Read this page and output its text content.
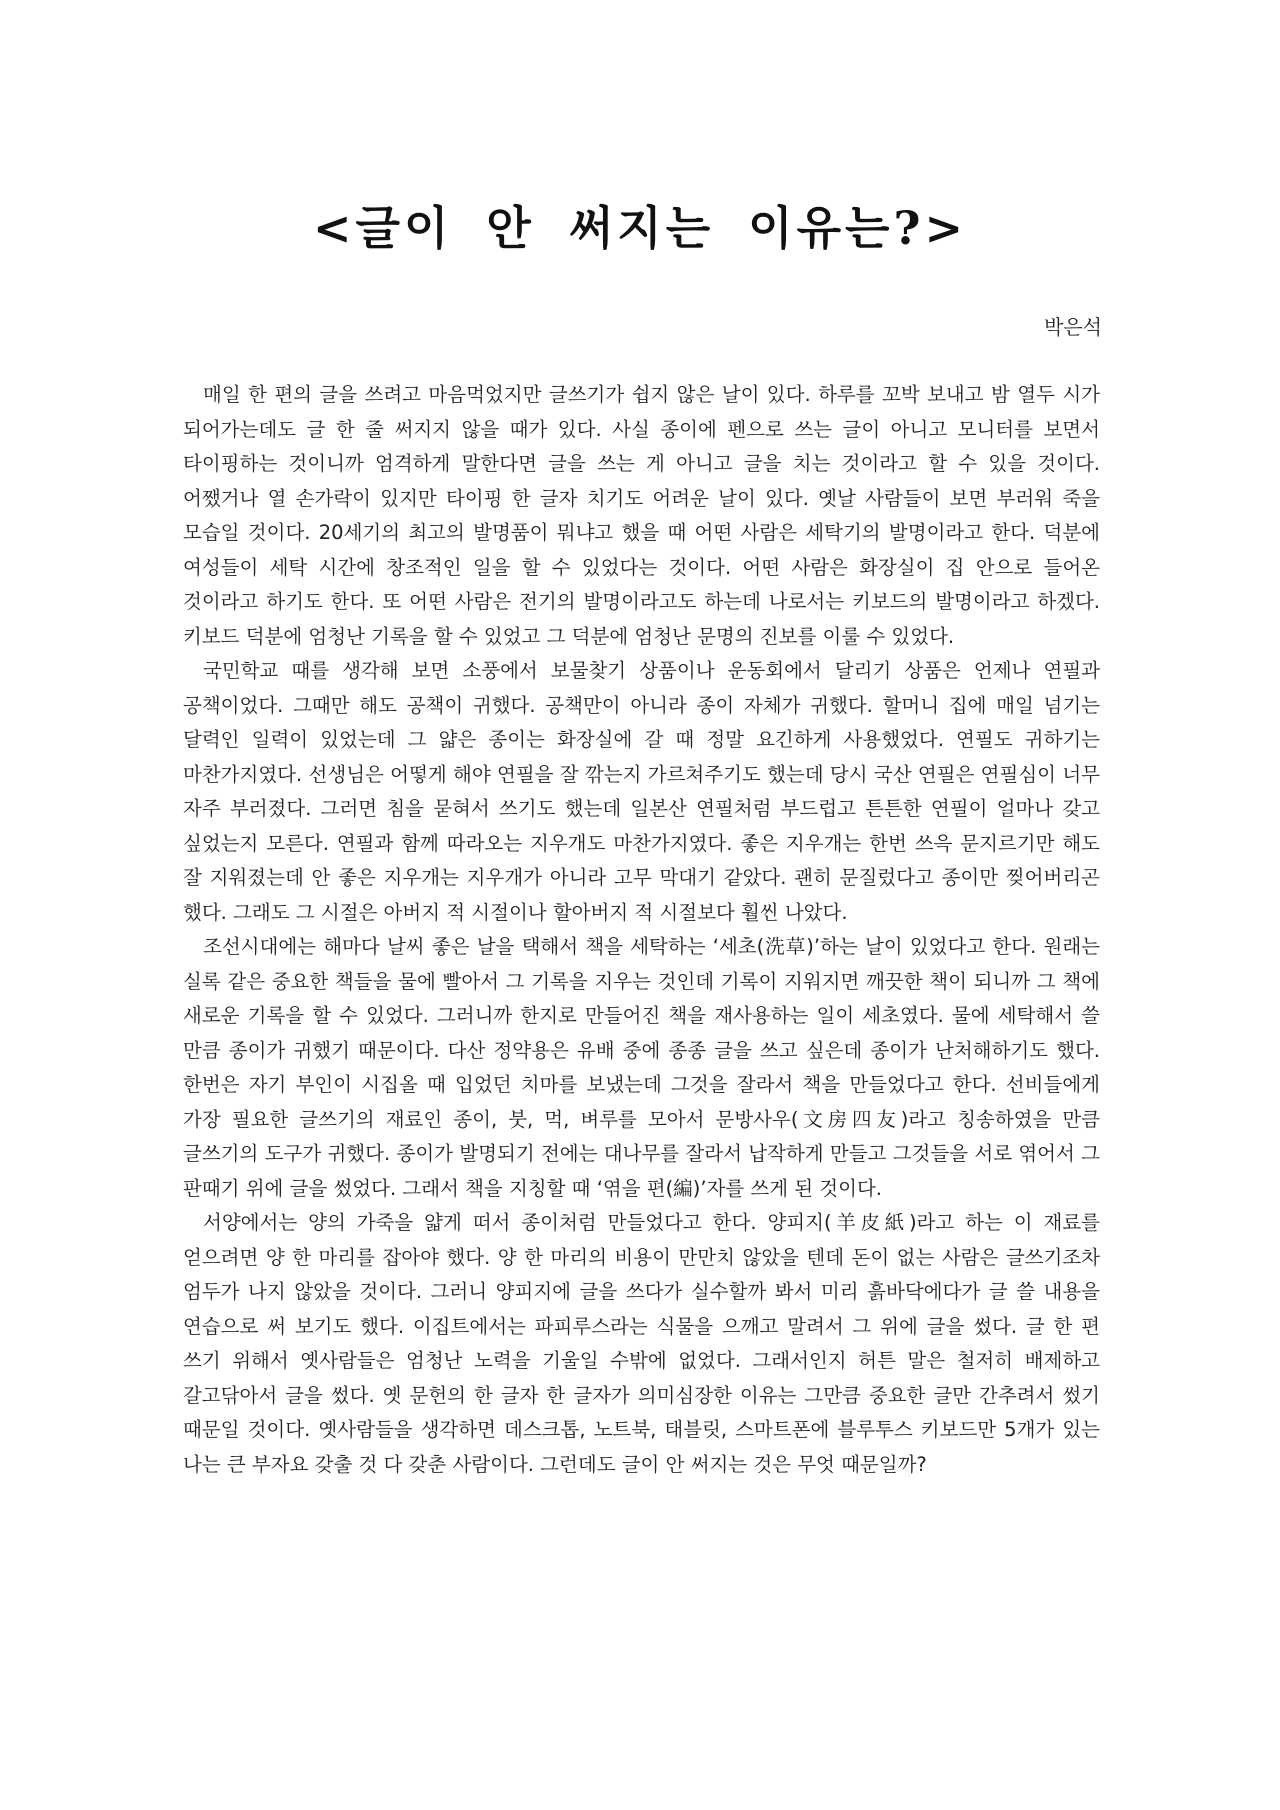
<글이 안 써지는 이유는?>
박은석

매일 한 편의 글을 쓰려고 마음먹었지만 글쓰기가 쉽지 않은 날이 있다. 하루를 꼬박 보내고 밤 열두 시가 되어가는데도 글 한 줄 써지지 않을 때가 있다. 사실 종이에 펜으로 쓰는 글이 아니고 모니터를 보면서 타이핑하는 것이니까 엄격하게 말한다면 글을 쓰는 게 아니고 글을 치는 것이라고 할 수 있을 것이다. 어쨌거나 열 손가락이 있지만 타이핑 한 글자 치기도 어려운 날이 있다. 옛날 사람들이 보면 부러워 죽을 모습일 것이다. 20세기의 최고의 발명품이 뭐냐고 했을 때 어떤 사람은 세탁기의 발명이라고 한다. 덕분에 여성들이 세탁 시간에 창조적인 일을 할 수 있었다는 것이다. 어떤 사람은 화장실이 집 안으로 들어온 것이라고 하기도 한다. 또 어떤 사람은 전기의 발명이라고도 하는데 나로서는 키보드의 발명이라고 하겠다. 키보드 덕분에 엄청난 기록을 할 수 있었고 그 덕분에 엄청난 문명의 진보를 이룰 수 있었다.

국민학교 때를 생각해 보면 소풍에서 보물찾기 상품이나 운동회에서 달리기 상품은 언제나 연필과 공책이었다. 그때만 해도 공책이 귀했다. 공책만이 아니라 종이 자체가 귀했다. 할머니 집에 매일 넘기는 달력인 일력이 있었는데 그 얇은 종이는 화장실에 갈 때 정말 요긴하게 사용했었다. 연필도 귀하기는 마찬가지였다. 선생님은 어떻게 해야 연필을 잘 깎는지 가르쳐주기도 했는데 당시 국산 연필은 연필심이 너무 자주 부러졌다. 그러면 침을 묻혀서 쓰기도 했는데 일본산 연필처럼 부드럽고 튼튼한 연필이 얼마나 갖고 싶었는지 모른다. 연필과 함께 따라오는 지우개도 마찬가지였다. 좋은 지우개는 한번 쓰윽 문지르기만 해도 잘 지워졌는데 안 좋은 지우개는 지우개가 아니라 고무 막대기 같았다. 괜히 문질렀다고 종이만 찢어버리곤 했다. 그래도 그 시절은 아버지 적 시절이나 할아버지 적 시절보다 훨씬 나았다.

조선시대에는 해마다 날씨 좋은 날을 택해서 책을 세탁하는 ‘세초(洗草)’하는 날이 있었다고 한다. 원래는 실록 같은 중요한 책들을 물에 빨아서 그 기록을 지우는 것인데 기록이 지워지면 깨끗한 책이 되니까 그 책에 새로운 기록을 할 수 있었다. 그러니까 한지로 만들어진 책을 재사용하는 일이 세초였다. 물에 세탁해서 쓸 만큼 종이가 귀했기 때문이다. 다산 정약용은 유배 중에 종종 글을 쓰고 싶은데 종이가 난처해하기도 했다. 한번은 자기 부인이 시집올 때 입었던 치마를 보냈는데 그것을 잘라서 책을 만들었다고 한다. 선비들에게 가장 필요한 글쓰기의 재료인 종이, 붓, 먹, 벼루를 모아서 문방사우(文房四友)라고 칭송하였을 만큼 글쓰기의 도구가 귀했다. 종이가 발명되기 전에는 대나무를 잘라서 납작하게 만들고 그것들을 서로 엮어서 그 판때기 위에 글을 썼었다. 그래서 책을 지칭할 때 ‘엮을 편(編)’자를 쓰게 된 것이다.

서양에서는 양의 가죽을 얇게 떠서 종이처럼 만들었다고 한다. 양피지(羊皮紙)라고 하는 이 재료를 얻으려면 양 한 마리를 잡아야 했다. 양 한 마리의 비용이 만만치 않았을 텐데 돈이 없는 사람은 글쓰기조차 엄두가 나지 않았을 것이다. 그러니 양피지에 글을 쓰다가 실수할까 봐서 미리 흙바닥에다가 글 쓸 내용을 연습으로 써 보기도 했다. 이집트에서는 파피루스라는 식물을 으깨고 말려서 그 위에 글을 썼다. 글 한 편 쓰기 위해서 옛사람들은 엄청난 노력을 기울일 수밖에 없었다. 그래서인지 허튼 말은 철저히 배제하고 갈고닦아서 글을 썼다. 옛 문헌의 한 글자 한 글자가 의미심장한 이유는 그만큼 중요한 글만 간추려서 썼기 때문일 것이다. 옛사람들을 생각하면 데스크톱, 노트북, 태블릿, 스마트폰에 블루투스 키보드만 5개가 있는 나는 큰 부자요 갖출 것 다 갖춘 사람이다. 그런데도 글이 안 써지는 것은 무엇 때문일까?
